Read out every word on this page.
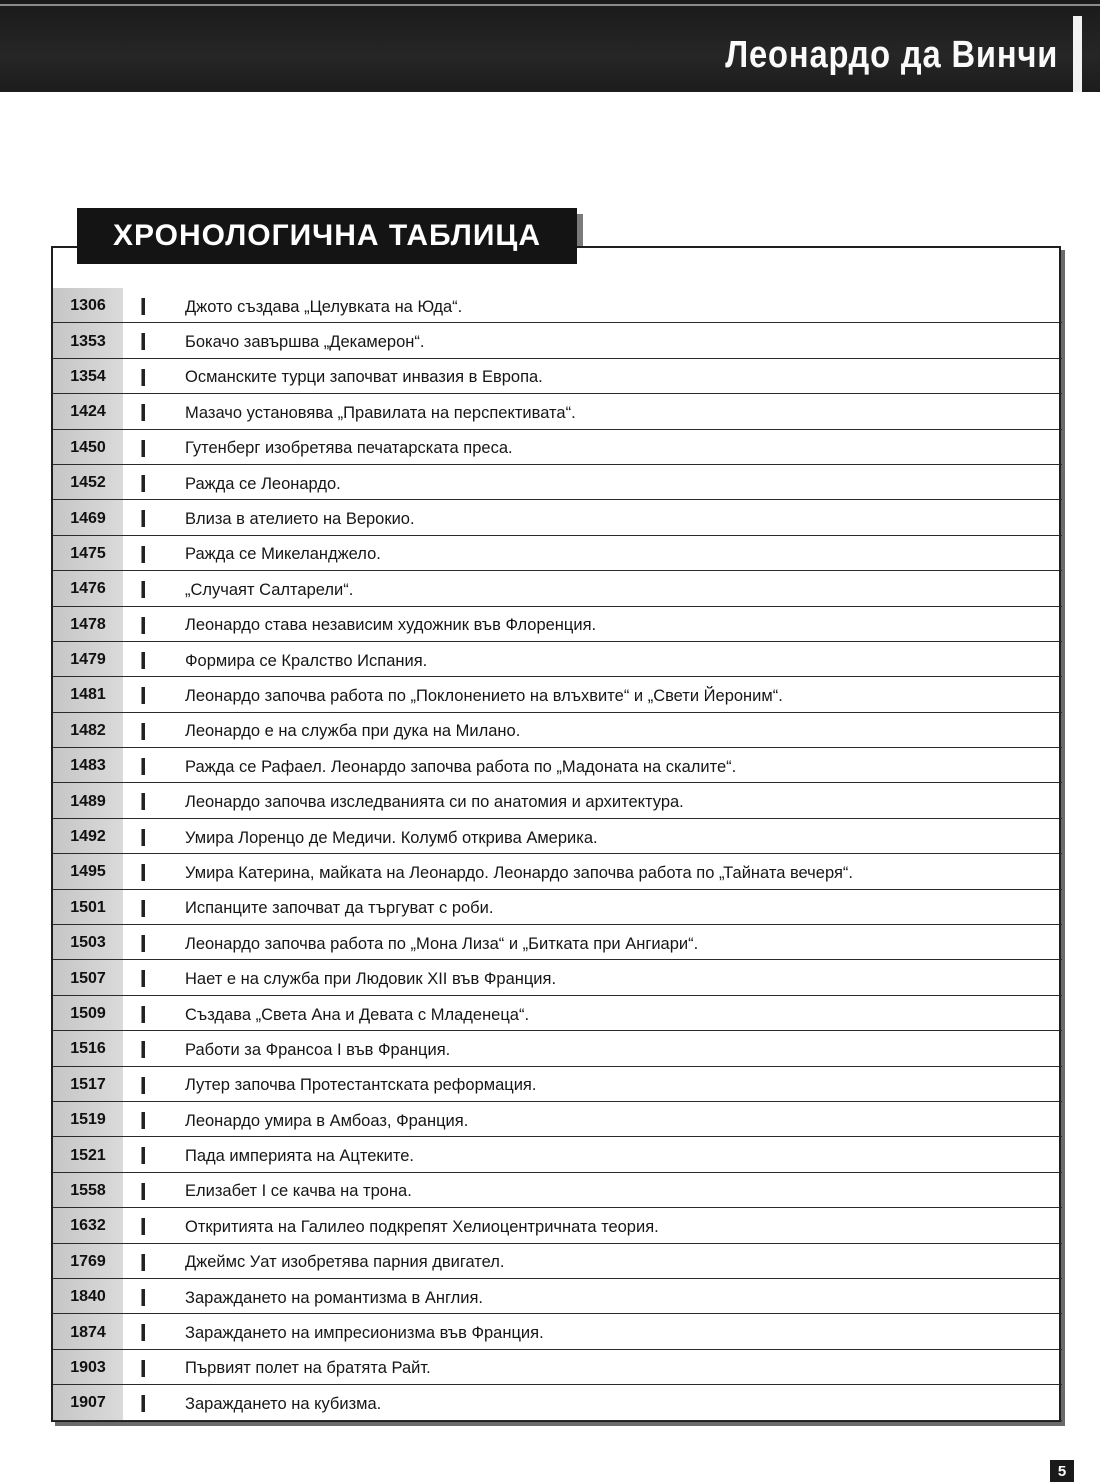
Леонардо да Винчи
ХРОНОЛОГИЧНА ТАБЛИЦА
1306	Джото създава „Целувката на Юда“.
1353	Бокачо завършва „Декамерон“.
1354	Османските турци започват инвазия в Европа.
1424	Мазачо установява „Правилата на перспективата“.
1450	Гутенберг изобретява печатарската преса.
1452	Ражда се Леонардо.
1469	Влиза в ателието на Верокио.
1475	Ражда се Микеланджело.
1476	„Случаят Салтарели“.
1478	Леонардо става независим художник във Флоренция.
1479	Формира се Кралство Испания.
1481	Леонардо започва работа по „Поклонението на влъхвите“ и „Свети Йероним“.
1482	Леонардо е на служба при дука на Милано.
1483	Ражда се Рафаел. Леонардо започва работа по „Мадоната на скалите“.
1489	Леонардо започва изследванията си по анатомия и архитектура.
1492	Умира Лоренцо де Медичи. Колумб открива Америка.
1495	Умира Катерина, майката на Леонардо. Леонардо започва работа по „Тайната вечеря“.
1501	Испанците започват да търгуват с роби.
1503	Леонардо започва работа по „Мона Лиза“ и „Битката при Ангиари“.
1507	Нает е на служба при Людовик XII във Франция.
1509	Създава „Света Ана и Девата с Младенеца“.
1516	Работи за Франсоа I във Франция.
1517	Лутер започва Протестантската реформация.
1519	Леонардо умира в Амбоаз, Франция.
1521	Пада империята на Ацтеките.
1558	Елизабет I се качва на трона.
1632	Откритията на Галилео подкрепят Хелиоцентричната теория.
1769	Джеймс Уат изобретява парния двигател.
1840	Зараждането на романтизма в Англия.
1874	Зараждането на импресионизма във Франция.
1903	Първият полет на братята Райт.
1907	Зараждането на кубизма.
5
